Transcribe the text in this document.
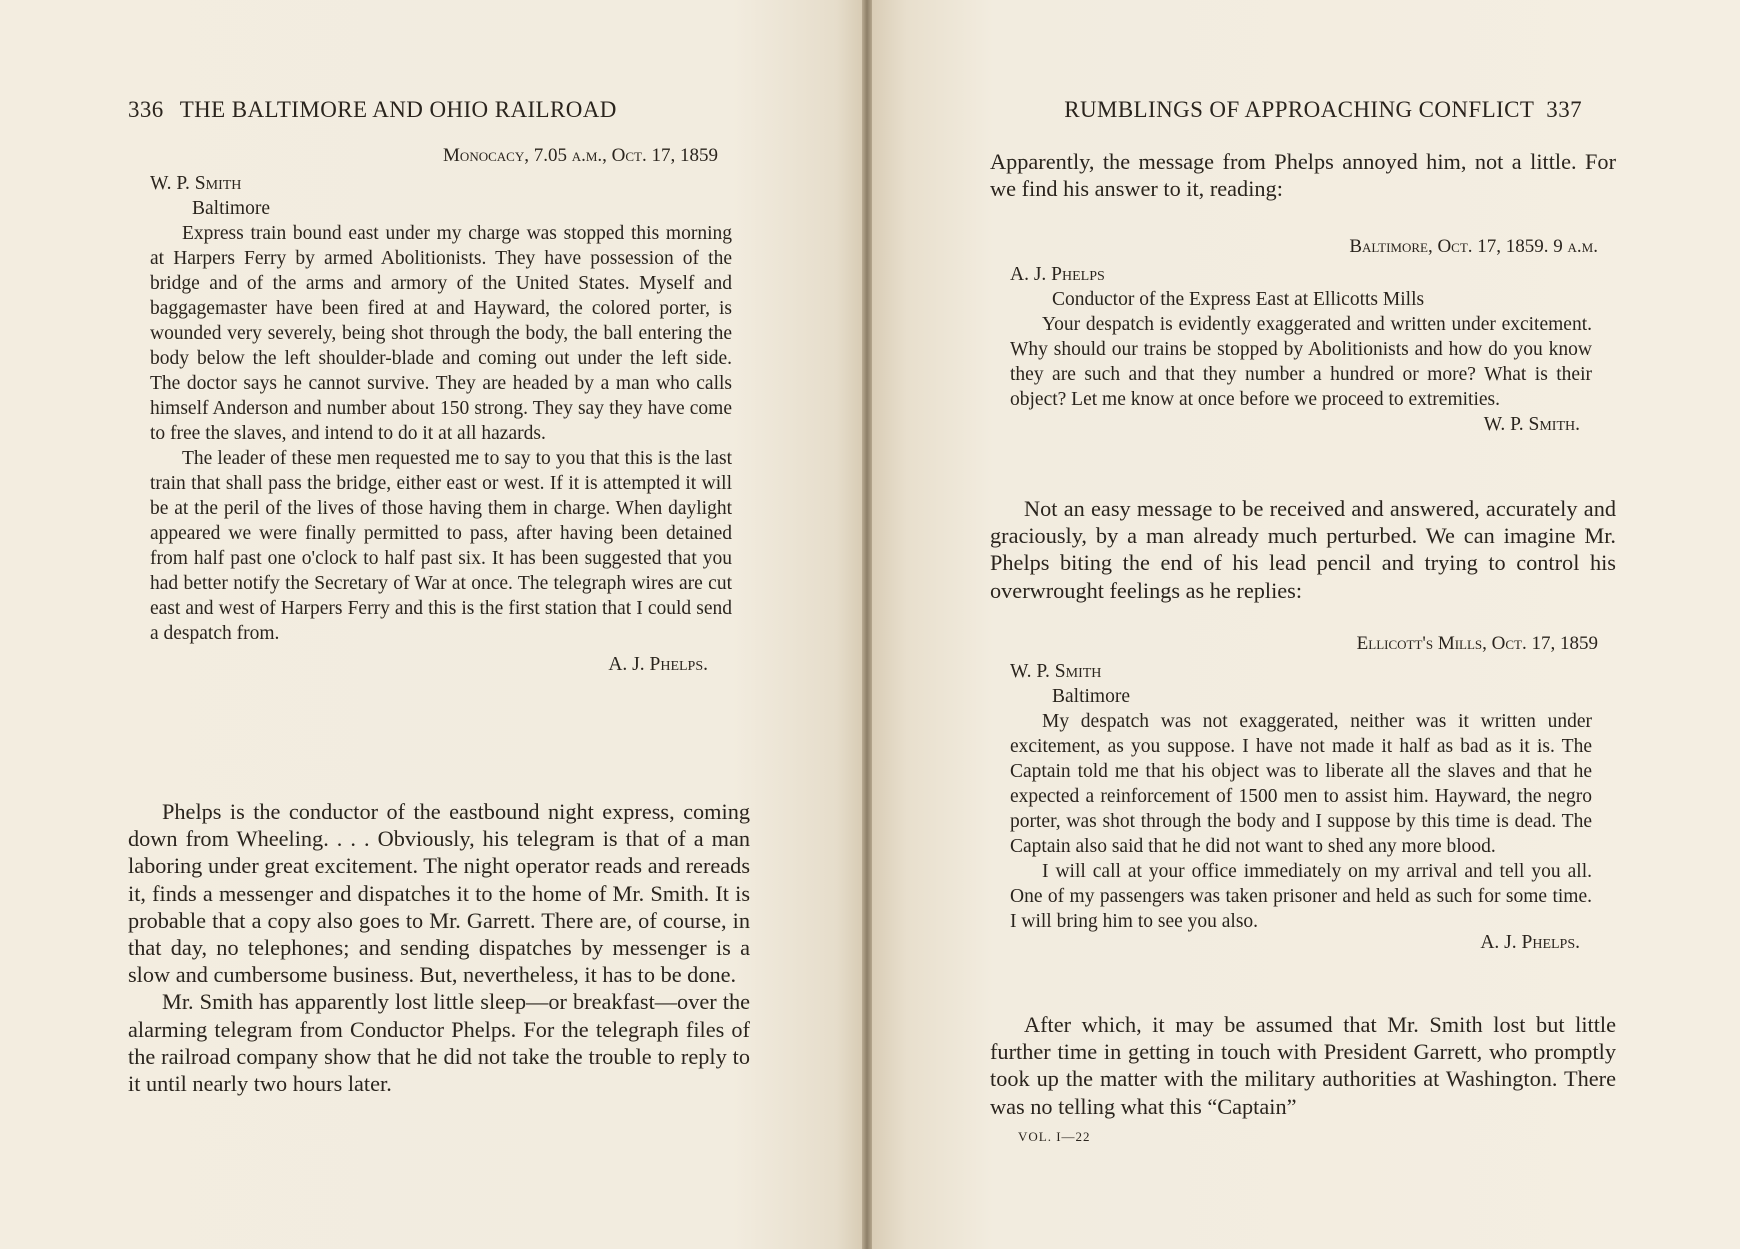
336 THE BALTIMORE AND OHIO RAILROAD
Monocacy, 7.05 a.m., Oct. 17, 1859
W. P. Smith
Baltimore

Express train bound east under my charge was stopped this morning at Harpers Ferry by armed Abolitionists. They have possession of the bridge and of the arms and armory of the United States. Myself and baggagemaster have been fired at and Hayward, the colored porter, is wounded very severely, being shot through the body, the ball entering the body below the left shoulder-blade and coming out under the left side. The doctor says he cannot survive. They are headed by a man who calls himself Anderson and number about 150 strong. They say they have come to free the slaves, and intend to do it at all hazards.

The leader of these men requested me to say to you that this is the last train that shall pass the bridge, either east or west. If it is attempted it will be at the peril of the lives of those having them in charge. When daylight appeared we were finally permitted to pass, after having been detained from half past one o'clock to half past six. It has been suggested that you had better notify the Secretary of War at once. The telegraph wires are cut east and west of Harpers Ferry and this is the first station that I could send a despatch from.

A. J. Phelps.

Phelps is the conductor of the eastbound night express, coming down from Wheeling. . . . Obviously, his telegram is that of a man laboring under great excitement. The night operator reads and rereads it, finds a messenger and dispatches it to the home of Mr. Smith. It is probable that a copy also goes to Mr. Garrett. There are, of course, in that day, no telephones; and sending dispatches by messenger is a slow and cumbersome business. But, nevertheless, it has to be done.

Mr. Smith has apparently lost little sleep—or breakfast—over the alarming telegram from Conductor Phelps. For the telegraph files of the railroad company show that he did not take the trouble to reply to it until nearly two hours later.

RUMBLINGS OF APPROACHING CONFLICT 337

Apparently, the message from Phelps annoyed him, not a little. For we find his answer to it, reading:

Baltimore, Oct. 17, 1859. 9 a.m.
A. J. Phelps
Conductor of the Express East at Ellicotts Mills

Your despatch is evidently exaggerated and written under excitement. Why should our trains be stopped by Abolitionists and how do you know they are such and that they number a hundred or more? What is their object? Let me know at once before we proceed to extremities.

W. P. Smith.

Not an easy message to be received and answered, accurately and graciously, by a man already much perturbed. We can imagine Mr. Phelps biting the end of his lead pencil and trying to control his overwrought feelings as he replies:

Ellicott's Mills, Oct. 17, 1859
W. P. Smith
Baltimore

My despatch was not exaggerated, neither was it written under excitement, as you suppose. I have not made it half as bad as it is. The Captain told me that his object was to liberate all the slaves and that he expected a reinforcement of 1500 men to assist him. Hayward, the negro porter, was shot through the body and I suppose by this time is dead. The Captain also said that he did not want to shed any more blood.

I will call at your office immediately on my arrival and tell you all. One of my passengers was taken prisoner and held as such for some time. I will bring him to see you also.

A. J. Phelps.

After which, it may be assumed that Mr. Smith lost but little further time in getting in touch with President Garrett, who promptly took up the matter with the military authorities at Washington. There was no telling what this “Captain”

VOL. I—22
